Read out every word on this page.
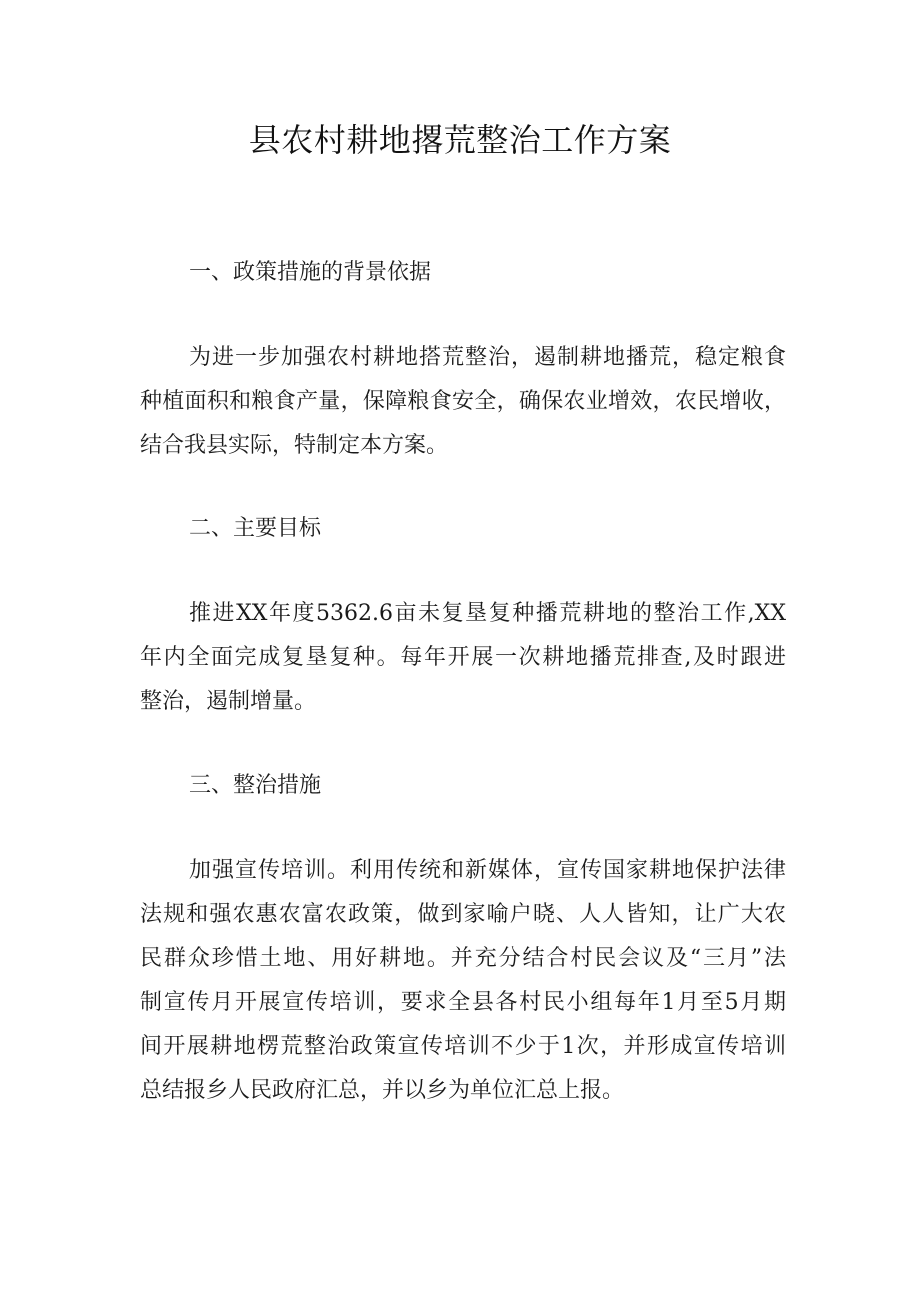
县农村耕地撂荒整治工作方案
一、政策措施的背景依据
为进一步加强农村耕地搭荒整治，遏制耕地播荒，稳定粮食
种植面积和粮食产量，保障粮食安全，确保农业增效，农民增收，
结合我县实际，特制定本方案。
二、主要目标
推进XX年度5362.6亩未复垦复种播荒耕地的整治工作,XX
年内全面完成复垦复种。每年开展一次耕地播荒排查,及时跟进
整治，遏制增量。
三、整治措施
加强宣传培训。利用传统和新媒体，宣传国家耕地保护法律
法规和强农惠农富农政策，做到家喻户晓、人人皆知，让广大农
民群众珍惜土地、用好耕地。并充分结合村民会议及“三月”法
制宣传月开展宣传培训，要求全县各村民小组每年1月至5月期
间开展耕地楞荒整治政策宣传培训不少于1次，并形成宣传培训
总结报乡人民政府汇总，并以乡为单位汇总上报。
